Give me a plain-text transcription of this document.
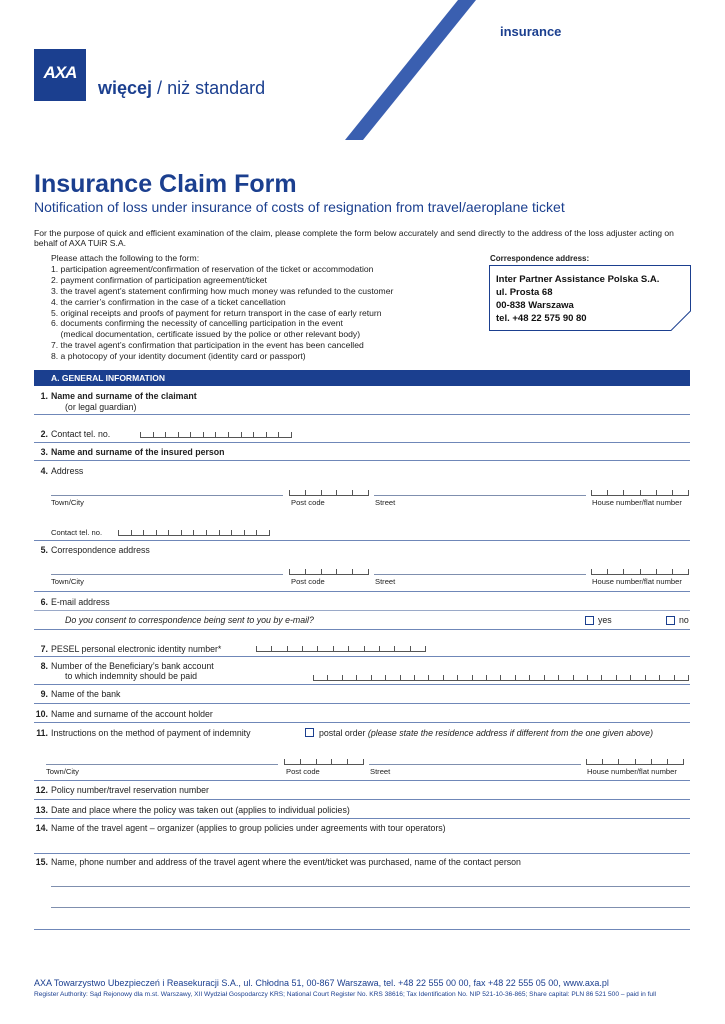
insurance
AXA
więcej / niż standard
Insurance Claim Form
Notification of loss under insurance of costs of resignation from travel/aeroplane ticket
For the purpose of quick and efficient examination of the claim, please complete the form below accurately and send directly to the address of the loss adjuster acting on behalf of AXA TUiR S.A.
Please attach the following to the form:
1. participation agreement/confirmation of reservation of the ticket or accommodation
2. payment confirmation of participation agreement/ticket
3. the travel agent’s statement confirming how much money was refunded to the customer
4. the carrier’s confirmation in the case of a ticket cancellation
5. original receipts and proofs of payment for return transport in the case of early return
6. documents confirming the necessity of cancelling participation in the event
(medical documentation, certificate issued by the police or other relevant body)
7. the travel agent’s confirmation that participation in the event has been cancelled
8. a photocopy of your identity document (identity card or passport)
Correspondence address:
Inter Partner Assistance Polska S.A.
ul. Prosta 68
00-838 Warszawa
tel. +48 22 575 90 80
A. GENERAL INFORMATION
1. Name and surname of the claimant
(or legal guardian)
2. Contact tel. no.
3. Name and surname of the insured person
4. Address
Town/City	Post code	Street	House number/flat number
Contact tel. no.
5. Correspondence address
Town/City	Post code	Street	House number/flat number
6. E-mail address
Do you consent to correspondence being sent to you by e-mail?	yes	no
7. PESEL personal electronic identity number*
8. Number of the Beneficiary’s bank account
to which indemnity should be paid
9. Name of the bank
10. Name and surname of the account holder
11. Instructions on the method of payment of indemnity	postal order (please state the residence address if different from the one given above)
Town/City	Post code	Street	House number/flat number
12. Policy number/travel reservation number
13. Date and place where the policy was taken out (applies to individual policies)
14. Name of the travel agent – organizer (applies to group policies under agreements with tour operators)
15. Name, phone number and address of the travel agent where the event/ticket was purchased, name of the contact person
AXA Towarzystwo Ubezpieczeń i Reasekuracji S.A., ul. Chłodna 51, 00-867 Warszawa, tel. +48 22 555 00 00, fax +48 22 555 05 00, www.axa.pl
Register Authority: Sąd Rejonowy dla m.st. Warszawy, XII Wydział Gospodarczy KRS; National Court Register No. KRS 38616; Tax Identification No. NIP 521-10-36-865; Share capital: PLN 86 521 500 – paid in full
